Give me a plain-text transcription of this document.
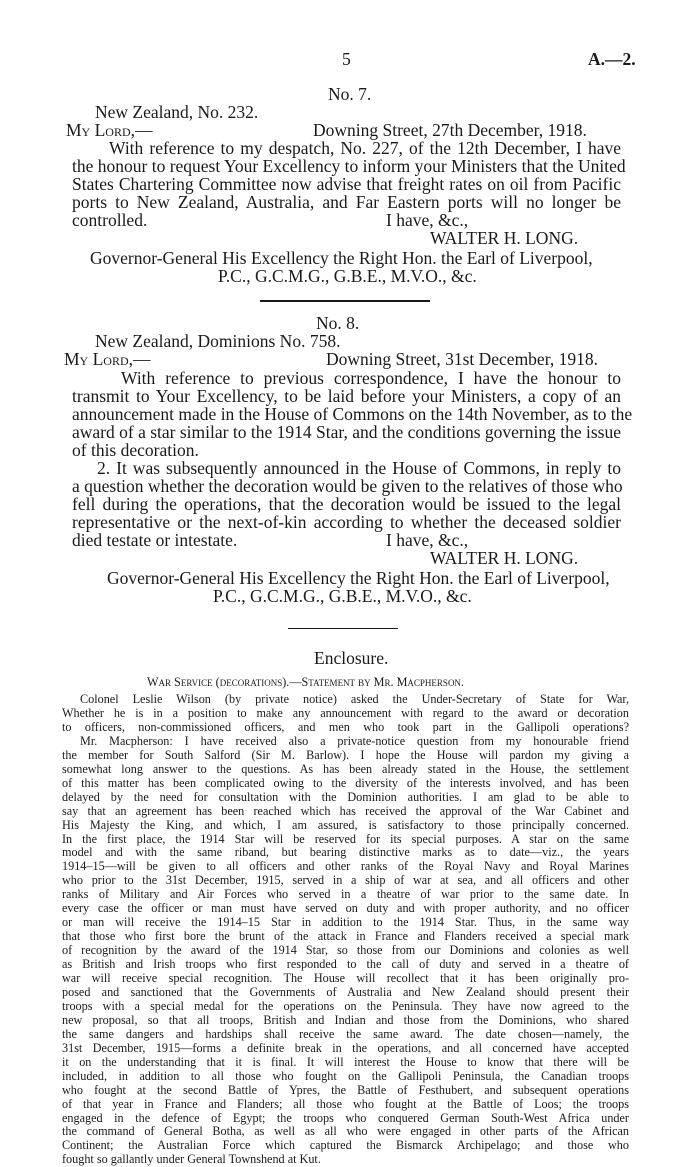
5	A.—2.
No. 7.
New Zealand, No. 232.
My Lord,—	Downing Street, 27th December, 1918.
With reference to my despatch, No. 227, of the 12th December, I have
the honour to request Your Excellency to inform your Ministers that the United
States Chartering Committee now advise that freight rates on oil from Pacific
ports to New Zealand, Australia, and Far Eastern ports will no longer be
controlled.	I have, &c.,
WALTER H. LONG.
Governor-General His Excellency the Right Hon. the Earl of Liverpool,
P.C., G.C.M.G., G.B.E., M.V.O., &c.
No. 8.
New Zealand, Dominions No. 758.
My Lord,—	Downing Street, 31st December, 1918.
With reference to previous correspondence, I have the honour to
transmit to Your Excellency, to be laid before your Ministers, a copy of an
announcement made in the House of Commons on the 14th November, as to the
award of a star similar to the 1914 Star, and the conditions governing the issue
of this decoration.
2. It was subsequently announced in the House of Commons, in reply to
a question whether the decoration would be given to the relatives of those who
fell during the operations, that the decoration would be issued to the legal
representative or the next-of-kin according to whether the deceased soldier
died testate or intestate.	I have, &c.,
WALTER H. LONG.
Governor-General His Excellency the Right Hon. the Earl of Liverpool,
P.C., G.C.M.G., G.B.E., M.V.O., &c.
Enclosure.
War Service (decorations).—Statement by Mr. Macpherson.
Colonel Leslie Wilson (by private notice) asked the Under-Secretary of State for War,
Whether he is in a position to make any announcement with regard to the award or decoration
to officers, non-commissioned officers, and men who took part in the Gallipoli operations?
Mr. Macpherson: I have received also a private-notice question from my honourable friend
the member for South Salford (Sir M. Barlow). I hope the House will pardon my giving a
somewhat long answer to the questions. As has been already stated in the House, the settlement
of this matter has been complicated owing to the diversity of the interests involved, and has been
delayed by the need for consultation with the Dominion authorities. I am glad to be able to
say that an agreement has been reached which has received the approval of the War Cabinet and
His Majesty the King, and which, I am assured, is satisfactory to those principally concerned.
In the first place, the 1914 Star will be reserved for its special purposes. A star on the same
model and with the same riband, but bearing distinctive marks as to date—viz., the years
1914–15—will be given to all officers and other ranks of the Royal Navy and Royal Marines
who prior to the 31st December, 1915, served in a ship of war at sea, and all officers and other
ranks of Military and Air Forces who served in a theatre of war prior to the same date. In
every case the officer or man must have served on duty and with proper authority, and no officer
or man will receive the 1914–15 Star in addition to the 1914 Star. Thus, in the same way
that those who first bore the brunt of the attack in France and Flanders received a special mark
of recognition by the award of the 1914 Star, so those from our Dominions and colonies as well
as British and Irish troops who first responded to the call of duty and served in a theatre of
war will receive special recognition. The House will recollect that it has been originally pro-
posed and sanctioned that the Governments of Australia and New Zealand should present their
troops with a special medal for the operations on the Peninsula. They have now agreed to the
new proposal, so that all troops, British and Indian and those from the Dominions, who shared
the same dangers and hardships shall receive the same award. The date chosen—namely, the
31st December, 1915—forms a definite break in the operations, and all concerned have accepted
it on the understanding that it is final. It will interest the House to know that there will be
included, in addition to all those who fought on the Gallipoli Peninsula, the Canadian troops
who fought at the second Battle of Ypres, the Battle of Festhubert, and subsequent operations
of that year in France and Flanders; all those who fought at the Battle of Loos; the troops
engaged in the defence of Egypt; the troops who conquered German South-West Africa under
the command of General Botha, as well as all who were engaged in other parts of the African
Continent; the Australian Force which captured the Bismarck Archipelago; and those who
fought so gallantly under General Townshend at Kut.
